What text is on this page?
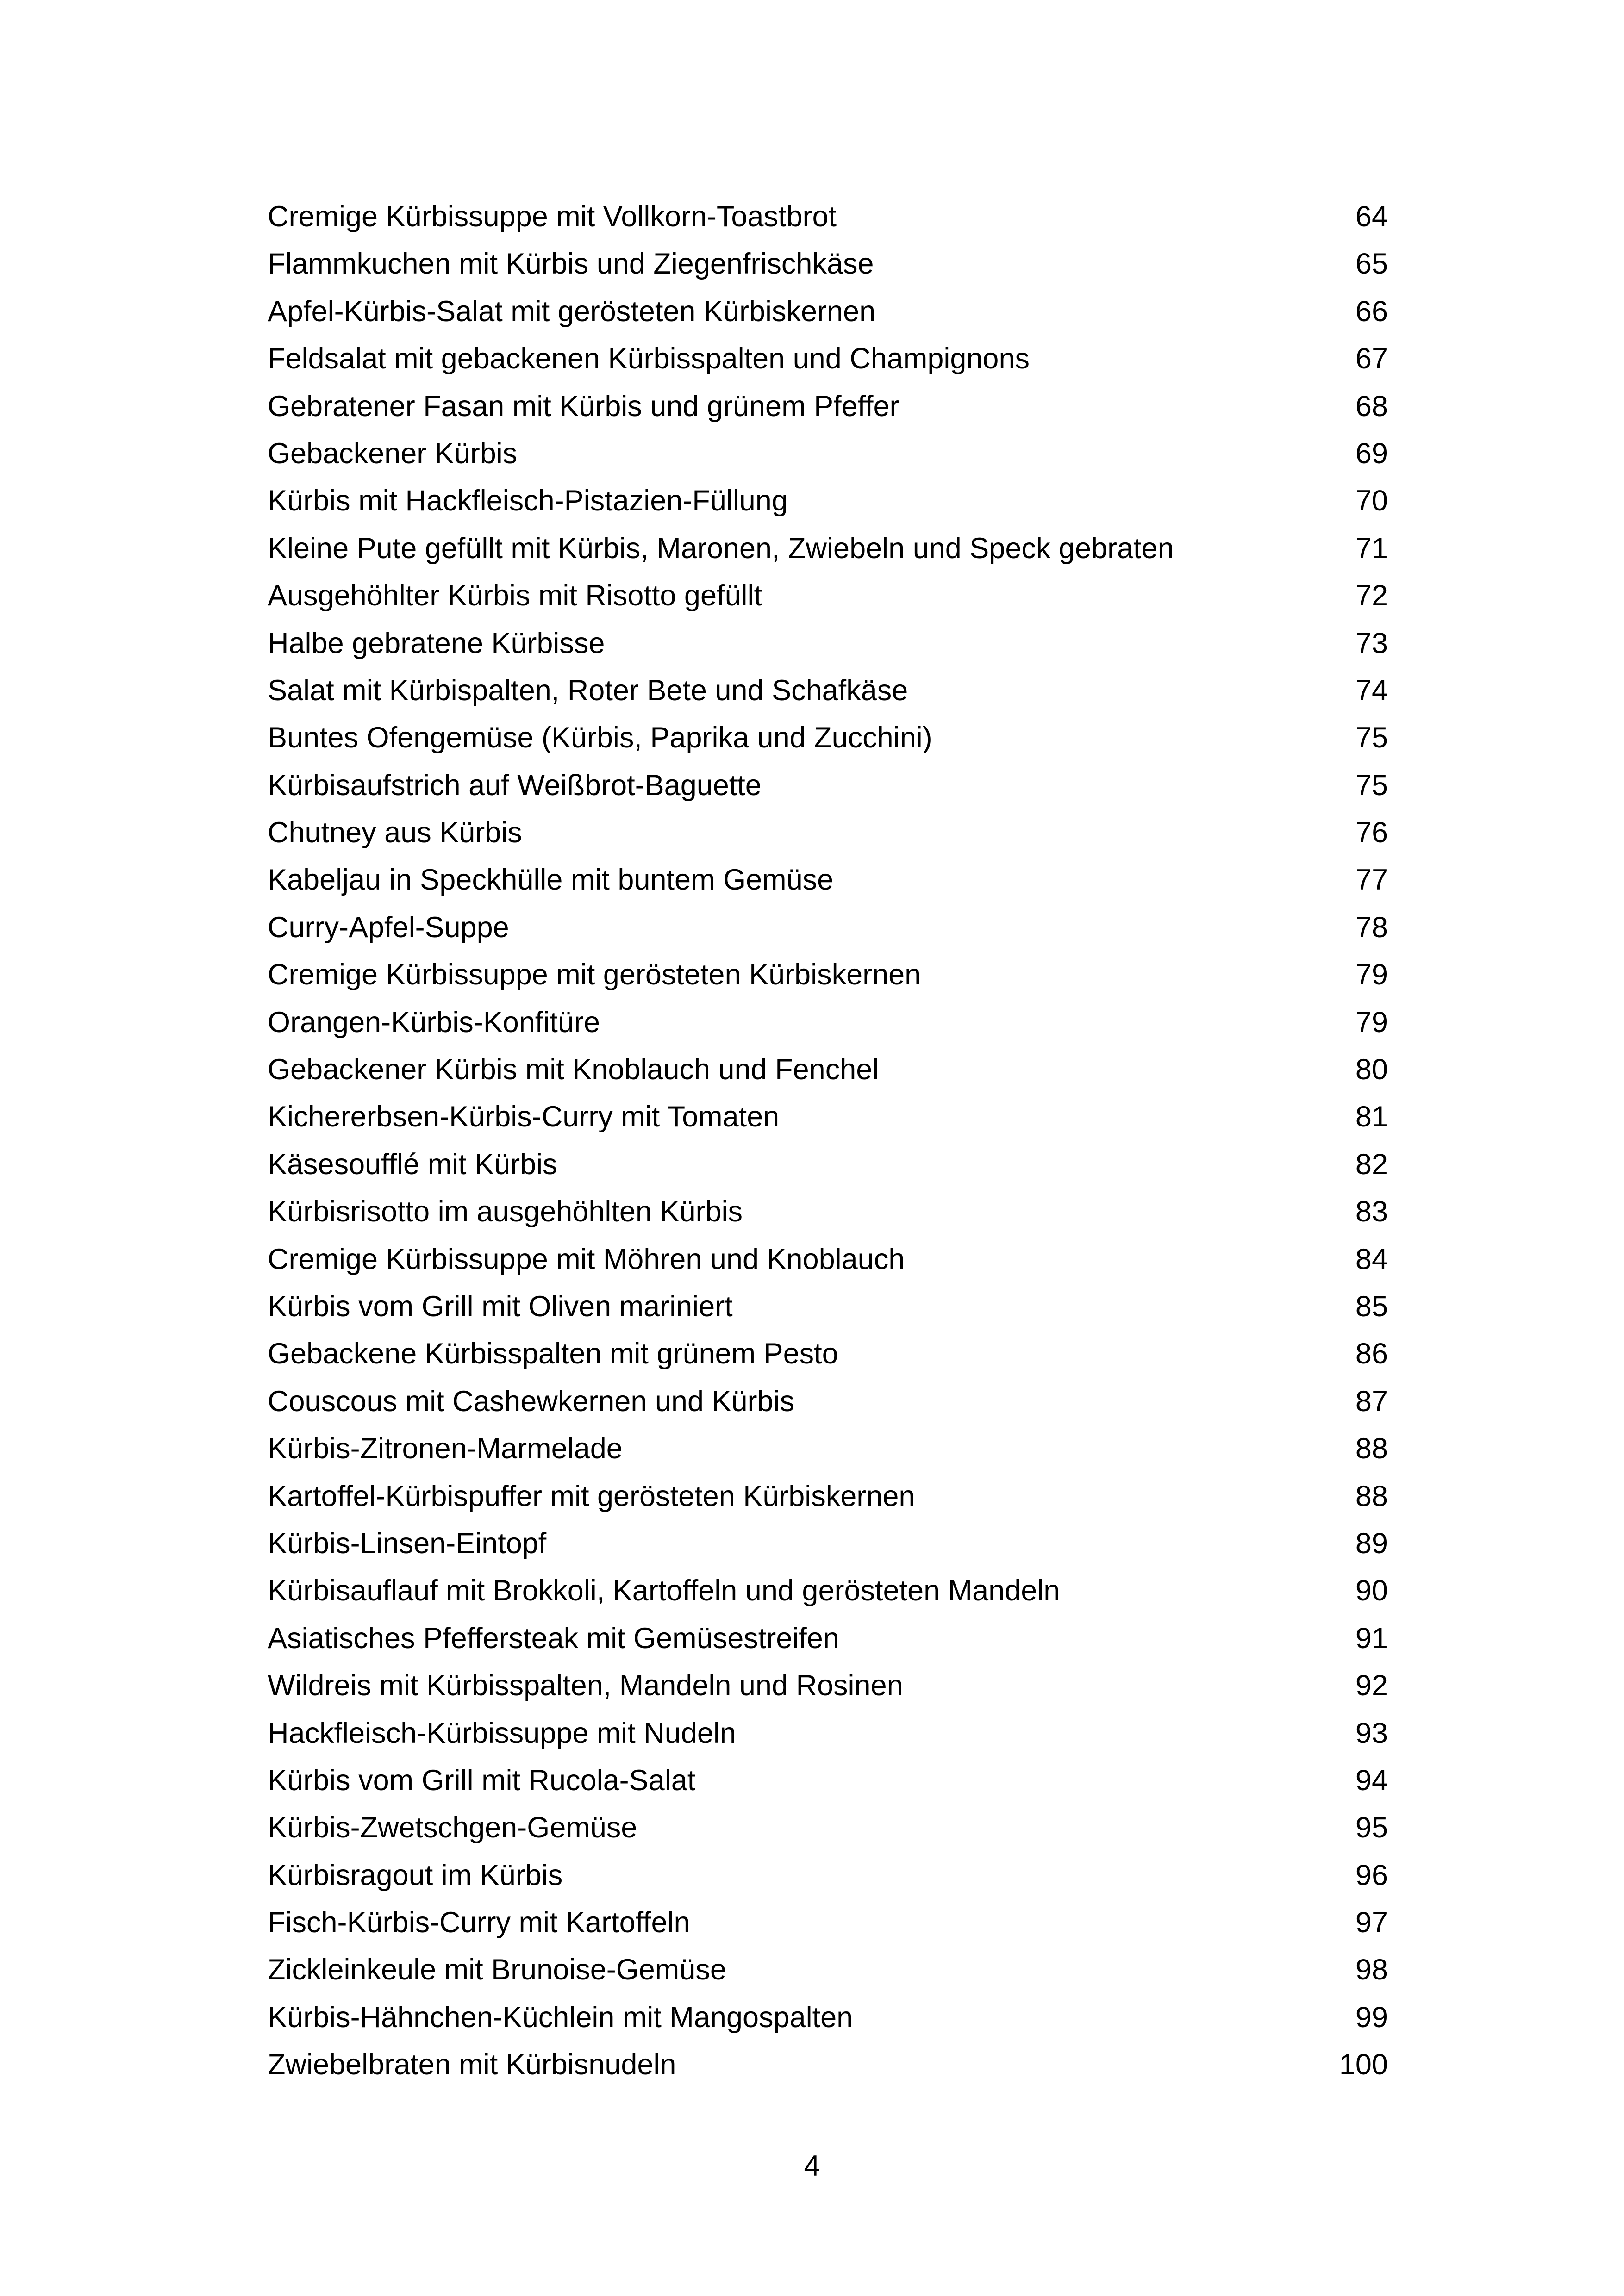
Cremige Kürbissuppe mit Vollkorn-Toastbrot	64
Flammkuchen mit Kürbis und Ziegenfrischkäse	65
Apfel-Kürbis-Salat mit gerösteten Kürbiskernen	66
Feldsalat mit gebackenen Kürbisspalten und Champignons	67
Gebratener Fasan mit Kürbis und grünem Pfeffer	68
Gebackener Kürbis	69
Kürbis mit Hackfleisch-Pistazien-Füllung	70
Kleine Pute gefüllt mit Kürbis, Maronen, Zwiebeln und Speck gebraten	71
Ausgehöhlter Kürbis mit Risotto gefüllt	72
Halbe gebratene Kürbisse	73
Salat mit Kürbispalten, Roter Bete und Schafkäse	74
Buntes Ofengemüse (Kürbis, Paprika und Zucchini)	75
Kürbisaufstrich auf Weißbrot-Baguette	75
Chutney aus Kürbis	76
Kabeljau in Speckhülle mit buntem Gemüse	77
Curry-Apfel-Suppe	78
Cremige Kürbissuppe mit gerösteten Kürbiskernen	79
Orangen-Kürbis-Konfitüre	79
Gebackener Kürbis mit Knoblauch und Fenchel	80
Kichererbsen-Kürbis-Curry mit Tomaten	81
Käsesoufflé mit Kürbis	82
Kürbisrisotto im ausgehöhlten Kürbis	83
Cremige Kürbissuppe mit Möhren und Knoblauch	84
Kürbis vom Grill mit Oliven mariniert	85
Gebackene Kürbisspalten mit grünem Pesto	86
Couscous mit Cashewkernen und Kürbis	87
Kürbis-Zitronen-Marmelade	88
Kartoffel-Kürbispuffer mit gerösteten Kürbiskernen	88
Kürbis-Linsen-Eintopf	89
Kürbisauflauf mit Brokkoli, Kartoffeln und gerösteten Mandeln	90
Asiatisches Pfeffersteak mit Gemüsestreifen	91
Wildreis mit Kürbisspalten, Mandeln und Rosinen	92
Hackfleisch-Kürbissuppe mit Nudeln	93
Kürbis vom Grill mit Rucola-Salat	94
Kürbis-Zwetschgen-Gemüse	95
Kürbisragout im Kürbis	96
Fisch-Kürbis-Curry mit Kartoffeln	97
Zickleinkeule mit Brunoise-Gemüse	98
Kürbis-Hähnchen-Küchlein mit Mangospalten	99
Zwiebelbraten mit Kürbisnudeln	100
4
